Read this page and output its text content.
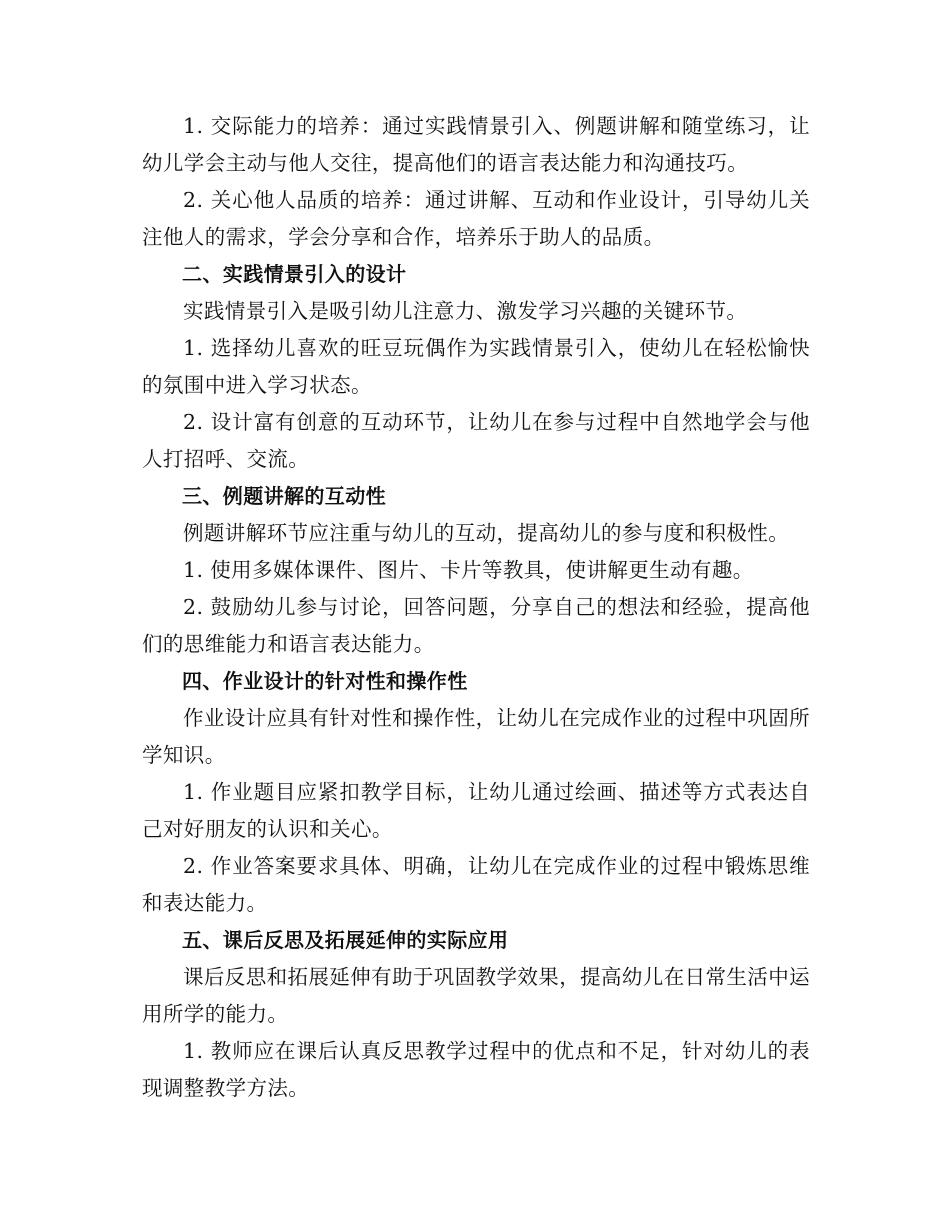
1. 交际能力的培养：通过实践情景引入、例题讲解和随堂练习，让幼儿学会主动与他人交往，提高他们的语言表达能力和沟通技巧。

2. 关心他人品质的培养：通过讲解、互动和作业设计，引导幼儿关注他人的需求，学会分享和合作，培养乐于助人的品质。

二、实践情景引入的设计

实践情景引入是吸引幼儿注意力、激发学习兴趣的关键环节。

1. 选择幼儿喜欢的旺豆玩偶作为实践情景引入，使幼儿在轻松愉快的氛围中进入学习状态。

2. 设计富有创意的互动环节，让幼儿在参与过程中自然地学会与他人打招呼、交流。

三、例题讲解的互动性

例题讲解环节应注重与幼儿的互动，提高幼儿的参与度和积极性。

1. 使用多媒体课件、图片、卡片等教具，使讲解更生动有趣。

2. 鼓励幼儿参与讨论，回答问题，分享自己的想法和经验，提高他们的思维能力和语言表达能力。

四、作业设计的针对性和操作性

作业设计应具有针对性和操作性，让幼儿在完成作业的过程中巩固所学知识。

1. 作业题目应紧扣教学目标，让幼儿通过绘画、描述等方式表达自己对好朋友的认识和关心。

2. 作业答案要求具体、明确，让幼儿在完成作业的过程中锻炼思维和表达能力。

五、课后反思及拓展延伸的实际应用

课后反思和拓展延伸有助于巩固教学效果，提高幼儿在日常生活中运用所学的能力。

1. 教师应在课后认真反思教学过程中的优点和不足，针对幼儿的表现调整教学方法。
